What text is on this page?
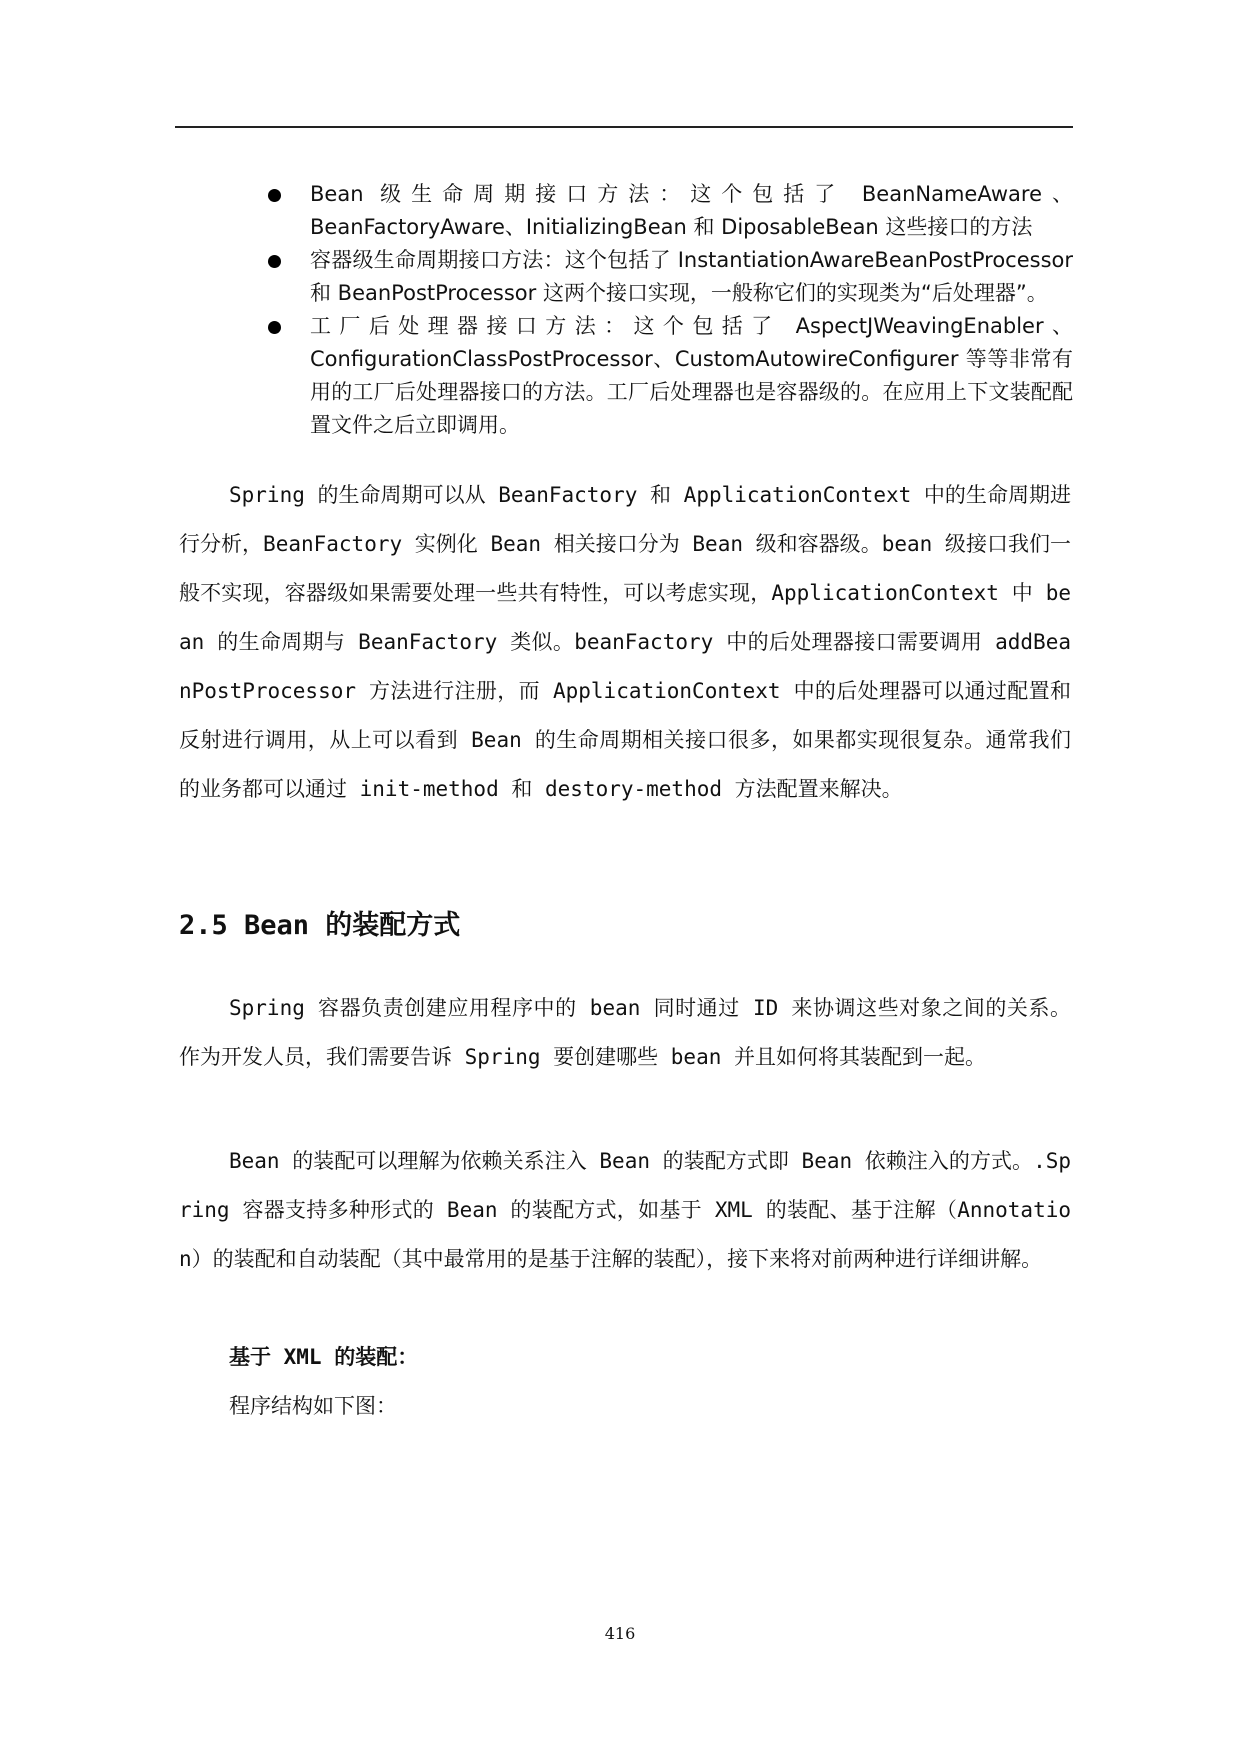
Bean 级生命周期接口方法：这个包括了 BeanNameAware、BeanFactoryAware、InitializingBean 和 DiposableBean 这些接口的方法
容器级生命周期接口方法：这个包括了 InstantiationAwareBeanPostProcessor 和 BeanPostProcessor 这两个接口实现，一般称它们的实现类为“后处理器”。
工厂后处理器接口方法：这个包括了 AspectJWeavingEnabler、ConfigurationClassPostProcessor、CustomAutowireConfigurer 等等非常有用的工厂后处理器接口的方法。工厂后处理器也是容器级的。在应用上下文装配配置文件之后立即调用。

Spring 的生命周期可以从 BeanFactory 和 ApplicationContext 中的生命周期进行分析，BeanFactory 实例化 Bean 相关接口分为 Bean 级和容器级。bean 级接口我们一般不实现，容器级如果需要处理一些共有特性，可以考虑实现，ApplicationContext 中 bean 的生命周期与 BeanFactory 类似。beanFactory 中的后处理器接口需要调用 addBeanPostProcessor 方法进行注册，而 ApplicationContext 中的后处理器可以通过配置和反射进行调用，从上可以看到 Bean 的生命周期相关接口很多，如果都实现很复杂。通常我们的业务都可以通过 init-method 和 destory-method 方法配置来解决。

2.5 Bean 的装配方式

Spring 容器负责创建应用程序中的 bean 同时通过 ID 来协调这些对象之间的关系。作为开发人员，我们需要告诉 Spring 要创建哪些 bean 并且如何将其装配到一起。

Bean 的装配可以理解为依赖关系注入 Bean 的装配方式即 Bean 依赖注入的方式。.Spring 容器支持多种形式的 Bean 的装配方式，如基于 XML 的装配、基于注解（Annotation）的装配和自动装配（其中最常用的是基于注解的装配），接下来将对前两种进行详细讲解。

基于 XML 的装配：

程序结构如下图：

416
